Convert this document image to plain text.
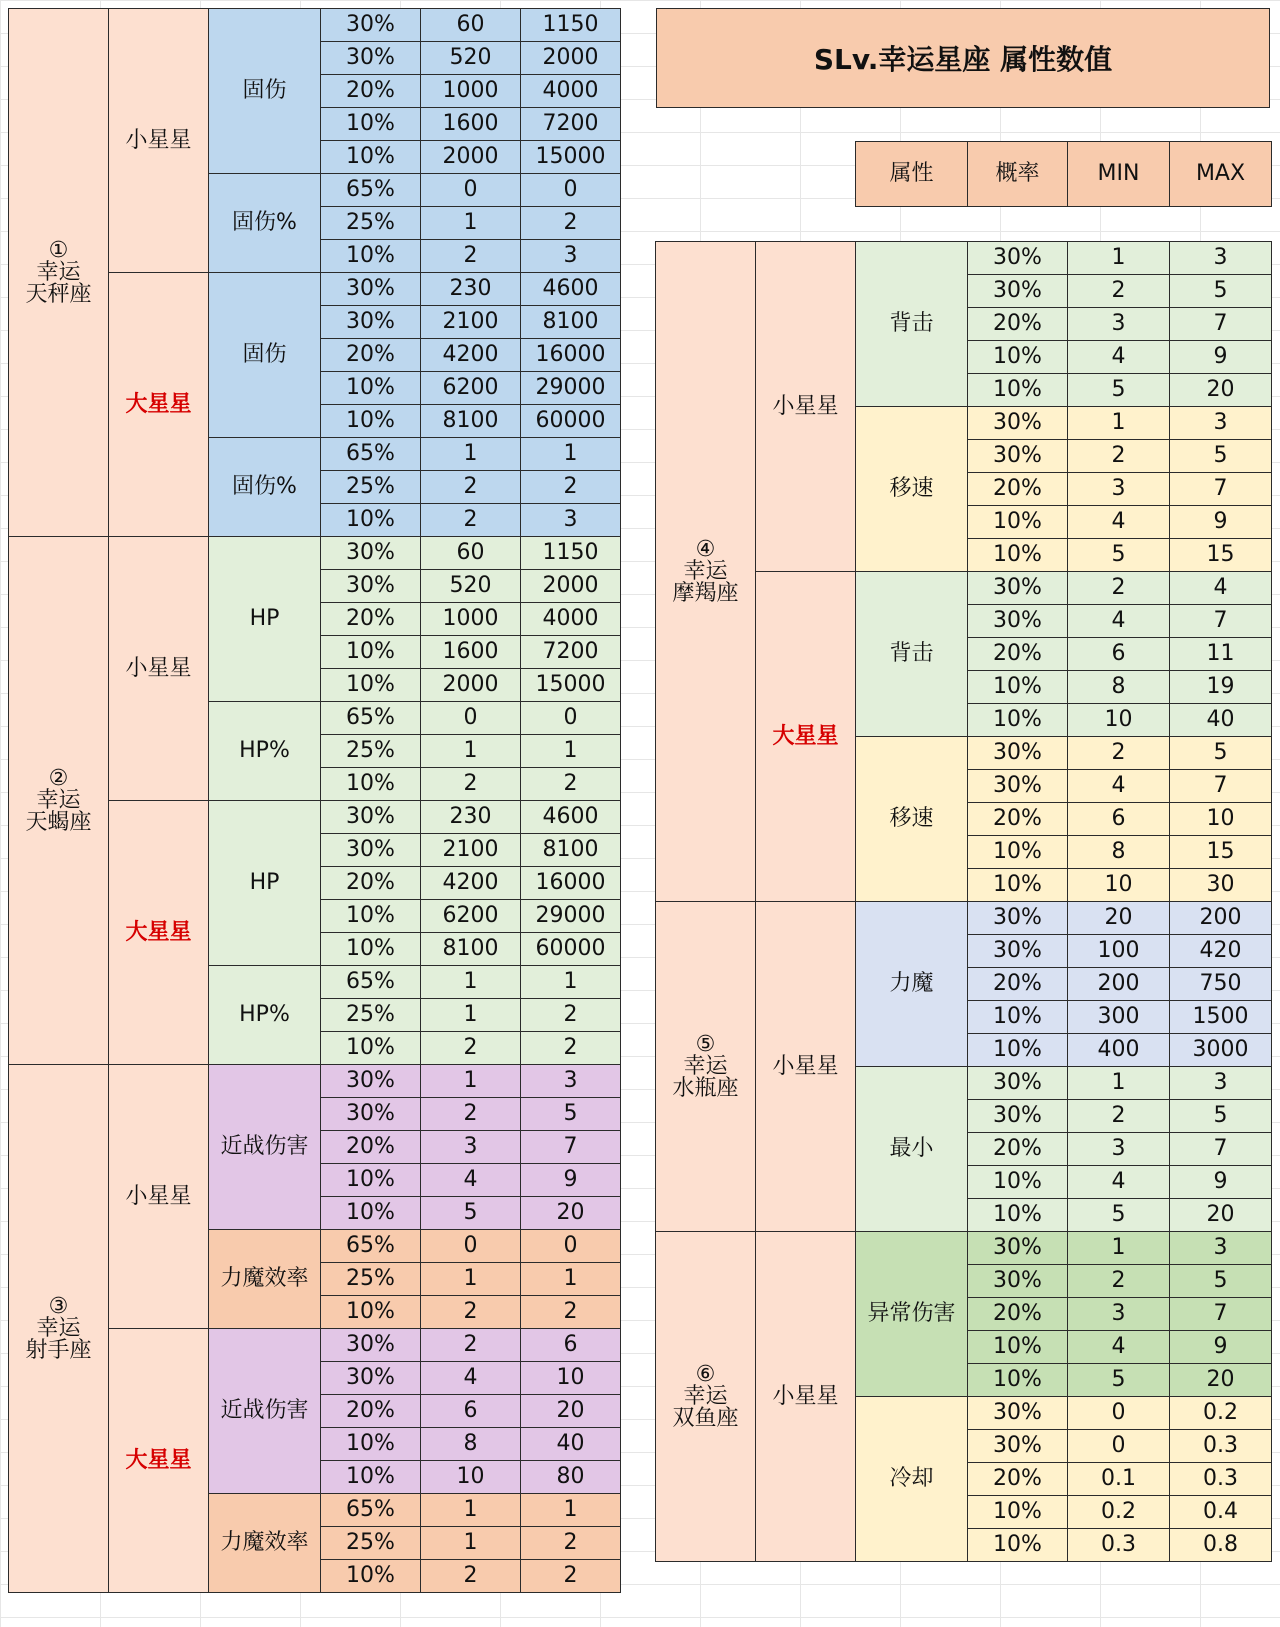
①
幸运
天秤座	小星星	固伤	30%	60	1150
			30%	520	2000
			20%	1000	4000
			10%	1600	7200
			10%	2000	15000
		固伤%	65%	0	0
			25%	1	2
			10%	2	3
	大星星	固伤	30%	230	4600
			30%	2100	8100
			20%	4200	16000
			10%	6200	29000
			10%	8100	60000
		固伤%	65%	1	1
			25%	2	2
			10%	2	3

②
幸运
天蝎座	小星星	HP	30%	60	1150
			30%	520	2000
			20%	1000	4000
			10%	1600	7200
			10%	2000	15000
		HP%	65%	0	0
			25%	1	1
			10%	2	2
	大星星	HP	30%	230	4600
			30%	2100	8100
			20%	4200	16000
			10%	6200	29000
			10%	8100	60000
		HP%	65%	1	1
			25%	1	2
			10%	2	2

③
幸运
射手座	小星星	近战伤害	30%	1	3
			30%	2	5
			20%	3	7
			10%	4	9
			10%	5	20
		力魔效率	65%	0	0
			25%	1	1
			10%	2	2
	大星星	近战伤害	30%	2	6
			30%	4	10
			20%	6	20
			10%	8	40
			10%	10	80
		力魔效率	65%	1	1
			25%	1	2
			10%	2	2
SLv.幸运星座 属性数值
属性	概率	MIN	MAX
④
幸运
摩羯座	小星星	背击	30%	1	3
			30%	2	5
			20%	3	7
			10%	4	9
			10%	5	20
		移速	30%	1	3
			30%	2	5
			20%	3	7
			10%	4	9
			10%	5	15
	大星星	背击	30%	2	4
			30%	4	7
			20%	6	11
			10%	8	19
			10%	10	40
		移速	30%	2	5
			30%	4	7
			20%	6	10
			10%	8	15
			10%	10	30

⑤
幸运
水瓶座	小星星	力魔	30%	20	200
			30%	100	420
			20%	200	750
			10%	300	1500
			10%	400	3000
		最小	30%	1	3
			30%	2	5
			20%	3	7
			10%	4	9
			10%	5	20

⑥
幸运
双鱼座	小星星	异常伤害	30%	1	3
			30%	2	5
			20%	3	7
			10%	4	9
			10%	5	20
		冷却	30%	0	0.2
			30%	0	0.3
			20%	0.1	0.3
			10%	0.2	0.4
			10%	0.3	0.8
